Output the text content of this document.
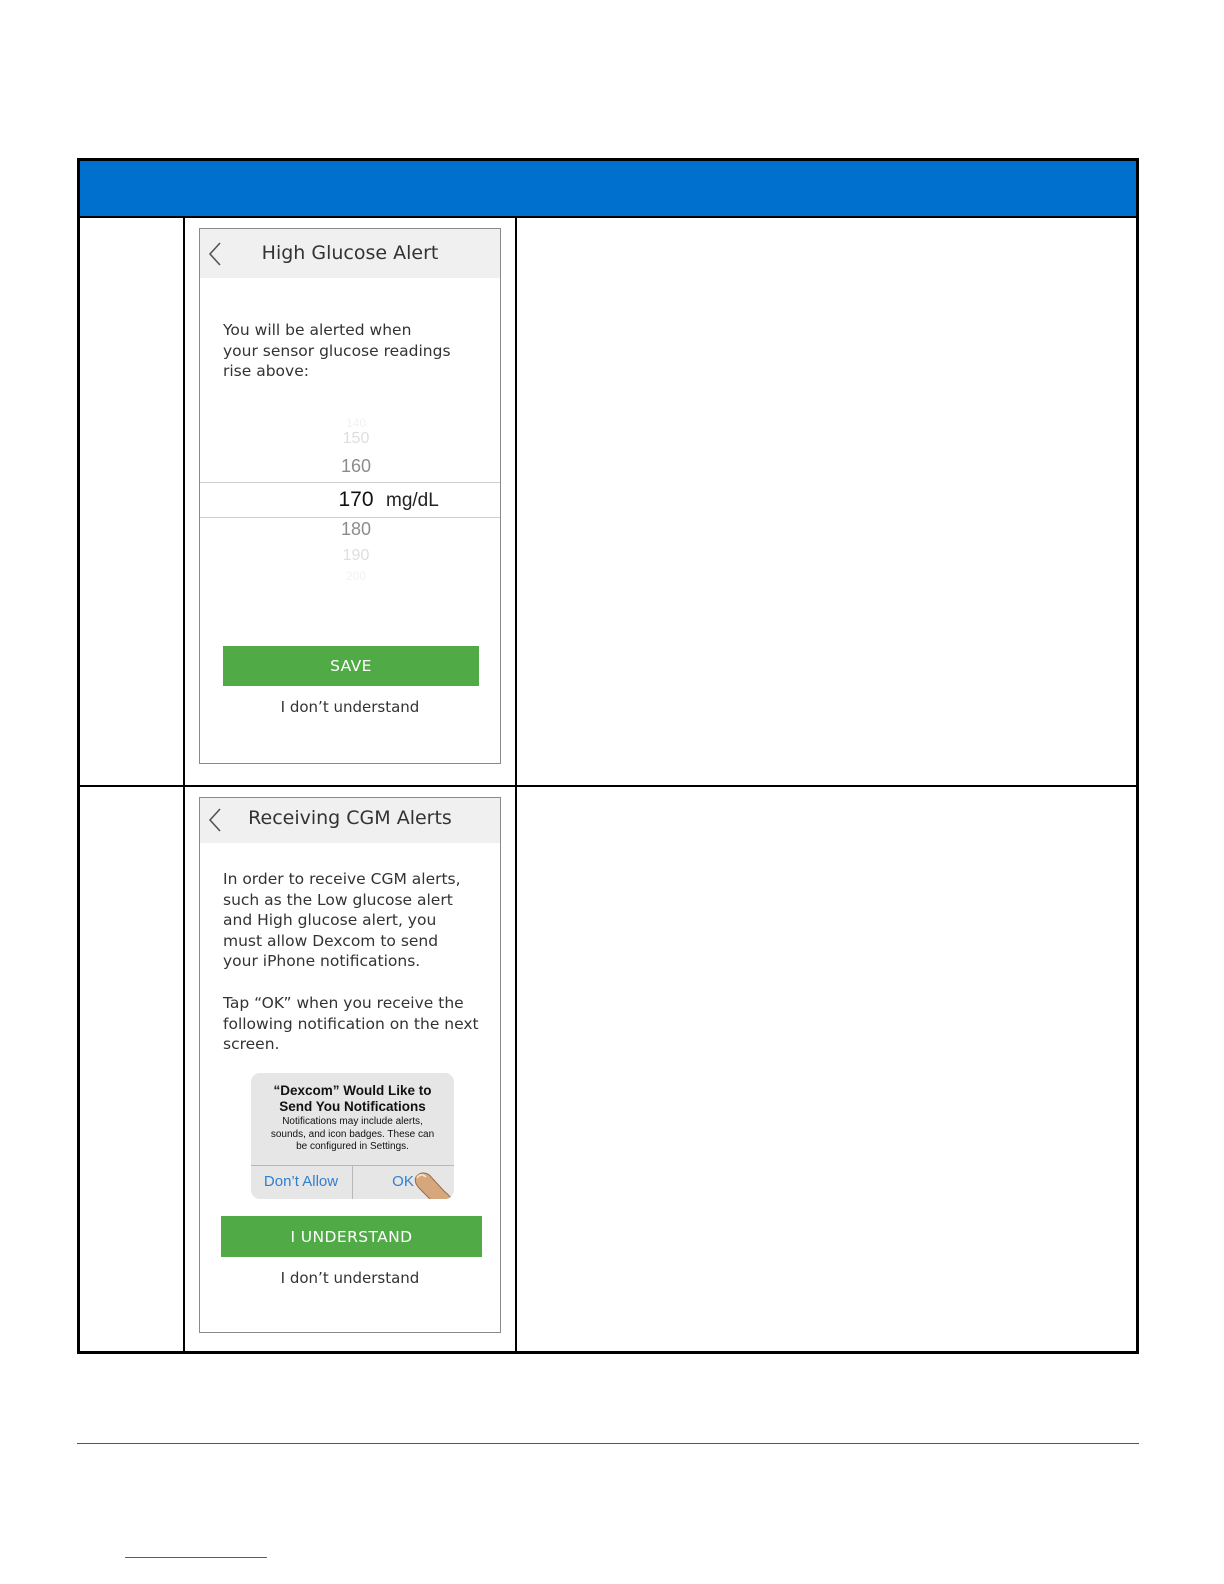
High Glucose Alert
You will be alerted when
your sensor glucose readings
rise above:
140
150
160
170 mg/dL
180
190
200
SAVE
I don’t understand
Receiving CGM Alerts
In order to receive CGM alerts,
such as the Low glucose alert
and High glucose alert, you
must allow Dexcom to send
your iPhone notifications.
Tap “OK” when you receive the
following notification on the next
screen.
“Dexcom” Would Like to
Send You Notifications
Notifications may include alerts,
sounds, and icon badges. These can
be configured in Settings.
Don’t Allow	OK
I UNDERSTAND
I don’t understand
